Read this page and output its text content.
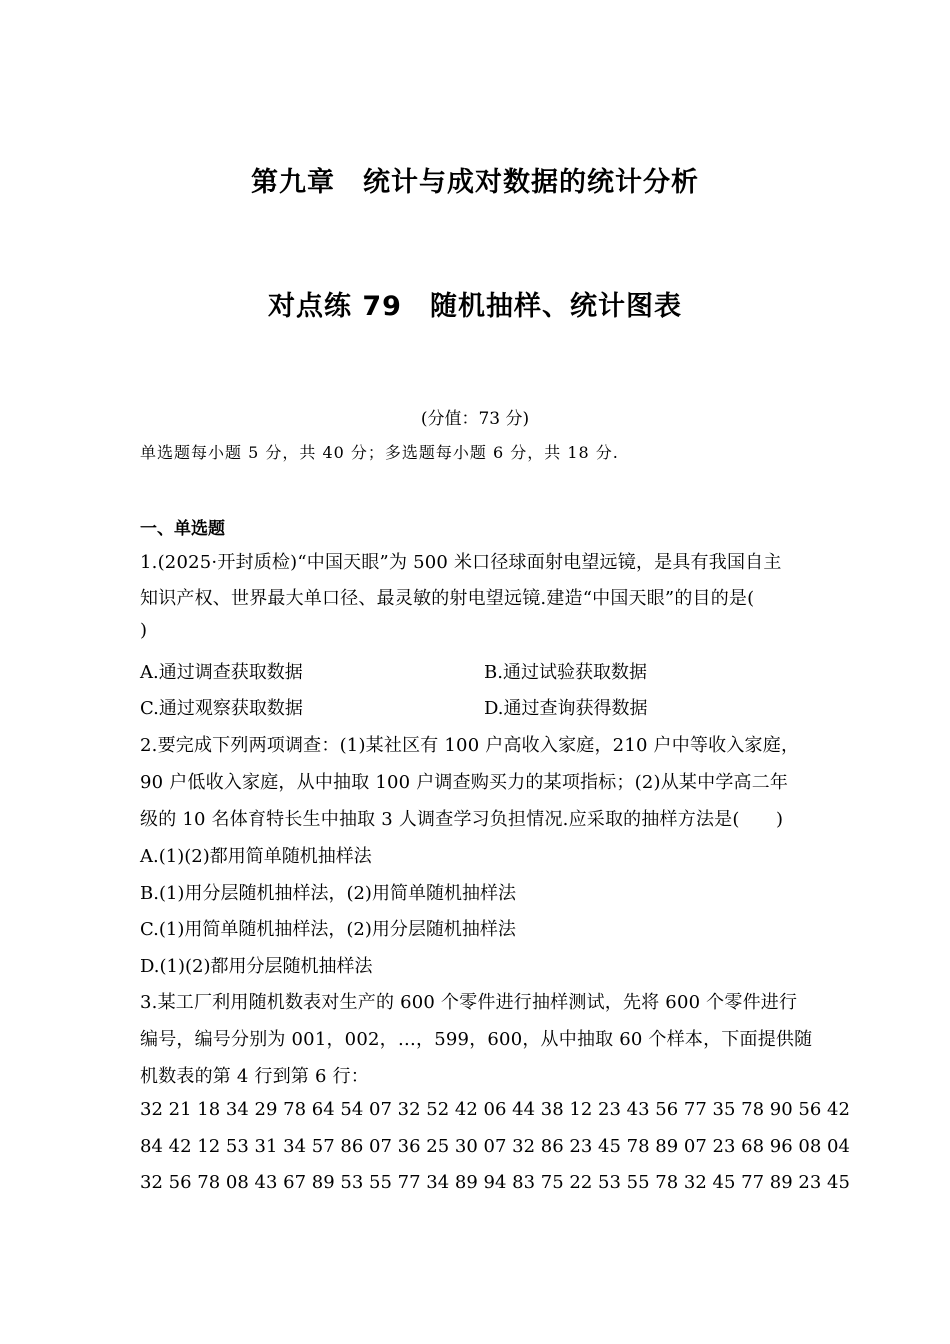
第九章　统计与成对数据的统计分析
对点练 79　随机抽样、统计图表
(分值：73 分)
单选题每小题 5 分，共 40 分；多选题每小题 6 分，共 18 分.
一、单选题
1.(2025·开封质检)“中国天眼”为 500 米口径球面射电望远镜，是具有我国自主
知识产权、世界最大单口径、最灵敏的射电望远镜.建造“中国天眼”的目的是(
)
A.通过调查获取数据	B.通过试验获取数据
C.通过观察获取数据	D.通过查询获得数据
2.要完成下列两项调查：(1)某社区有 100 户高收入家庭，210 户中等收入家庭，
90 户低收入家庭，从中抽取 100 户调查购买力的某项指标；(2)从某中学高二年
级的 10 名体育特长生中抽取 3 人调查学习负担情况.应采取的抽样方法是(　　)
A.(1)(2)都用简单随机抽样法
B.(1)用分层随机抽样法，(2)用简单随机抽样法
C.(1)用简单随机抽样法，(2)用分层随机抽样法
D.(1)(2)都用分层随机抽样法
3.某工厂利用随机数表对生产的 600 个零件进行抽样测试，先将 600 个零件进行
编号，编号分别为 001，002，…，599，600，从中抽取 60 个样本，下面提供随
机数表的第 4 行到第 6 行：
32 21 18 34 29 78 64 54 07 32 52 42 06 44 38 12 23 43 56 77 35 78 90 56 42
84 42 12 53 31 34 57 86 07 36 25 30 07 32 86 23 45 78 89 07 23 68 96 08 04
32 56 78 08 43 67 89 53 55 77 34 89 94 83 75 22 53 55 78 32 45 77 89 23 45
